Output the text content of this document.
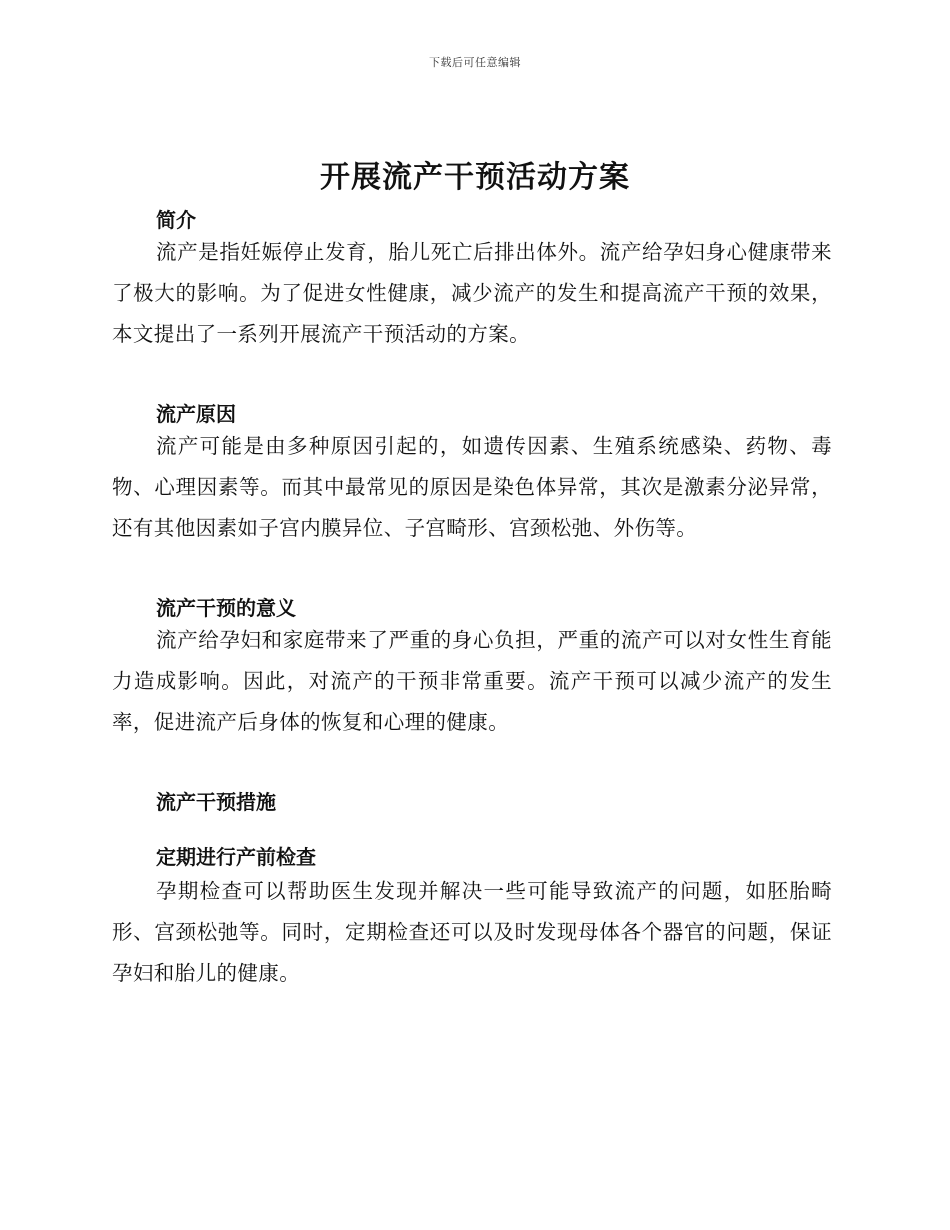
下载后可任意编辑
开展流产干预活动方案
简介

流产是指妊娠停止发育，胎儿死亡后排出体外。流产给孕妇身心健康带来了极大的影响。为了促进女性健康，减少流产的发生和提高流产干预的效果，本文提出了一系列开展流产干预活动的方案。

流产原因

流产可能是由多种原因引起的，如遗传因素、生殖系统感染、药物、毒物、心理因素等。而其中最常见的原因是染色体异常，其次是激素分泌异常，还有其他因素如子宫内膜异位、子宫畸形、宫颈松弛、外伤等。

流产干预的意义

流产给孕妇和家庭带来了严重的身心负担，严重的流产可以对女性生育能力造成影响。因此，对流产的干预非常重要。流产干预可以减少流产的发生率，促进流产后身体的恢复和心理的健康。

流产干预措施
定期进行产前检查

孕期检查可以帮助医生发现并解决一些可能导致流产的问题，如胚胎畸形、宫颈松弛等。同时，定期检查还可以及时发现母体各个器官的问题，保证孕妇和胎儿的健康。
